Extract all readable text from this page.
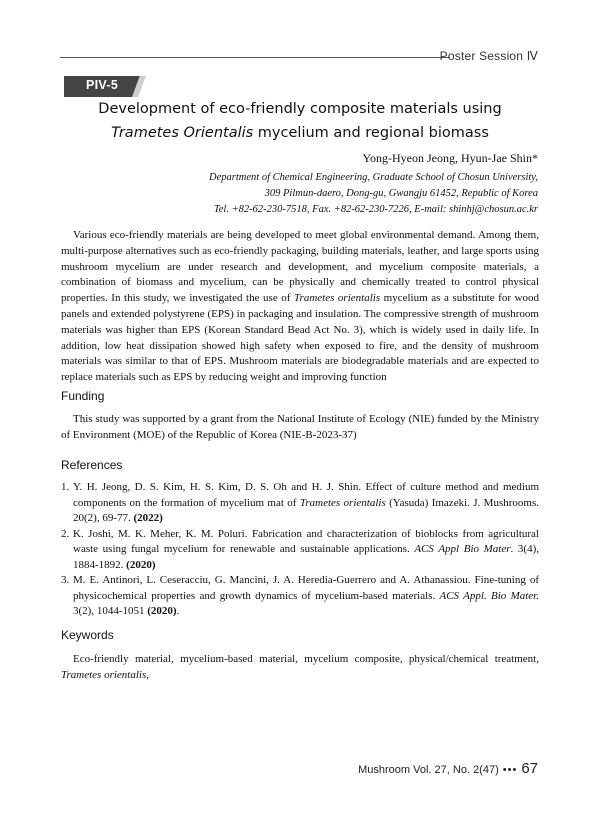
Poster Session Ⅳ
PIV-5
Development of eco-friendly composite materials using
Trametes Orientalis mycelium and regional biomass
Yong-Hyeon Jeong, Hyun-Jae Shin*
Department of Chemical Engineering, Graduate School of Chosun University,
309 Pilmun-daero, Dong-gu, Gwangju 61452, Republic of Korea
Tel. +82-62-230-7518, Fax. +82-62-230-7226, E-mail: shinhj@chosun.ac.kr
Various eco-friendly materials are being developed to meet global environmental demand. Among them, multi-purpose alternatives such as eco-friendly packaging, building materials, leather, and large sports using mushroom mycelium are under research and development, and mycelium composite materials, a combination of biomass and mycelium, can be physically and chemically treated to control physical properties. In this study, we investigated the use of Trametes orientalis mycelium as a substitute for wood panels and extended polystyrene (EPS) in packaging and insulation. The compressive strength of mushroom materials was higher than EPS (Korean Standard Bead Act No. 3), which is widely used in daily life. In addition, low heat dissipation showed high safety when exposed to fire, and the density of mushroom materials was similar to that of EPS. Mushroom materials are biodegradable materials and are expected to replace materials such as EPS by reducing weight and improving function
Funding
This study was supported by a grant from the National Institute of Ecology (NIE) funded by the Ministry of Environment (MOE) of the Republic of Korea (NIE-B-2023-37)
References
1. Y. H. Jeong, D. S. Kim, H. S. Kim, D. S. Oh and H. J. Shin. Effect of culture method and medium components on the formation of mycelium mat of Trametes orientalis (Yasuda) Imazeki. J. Mushrooms. 20(2), 69-77. (2022)
2. K. Joshi, M. K. Meher, K. M. Poluri. Fabrication and characterization of bioblocks from agricultural waste using fungal mycelium for renewable and sustainable applications. ACS Appl Bio Mater. 3(4), 1884-1892. (2020)
3. M. E. Antinori, L. Ceseracciu, G. Mancini, J. A. Heredia-Guerrero and A. Athanassiou. Fine-tuning of physicochemical properties and growth dynamics of mycelium-based materials. ACS Appl. Bio Mater. 3(2), 1044-1051 (2020).
Keywords
Eco-friendly material, mycelium-based material, mycelium composite, physical/chemical treatment, Trametes orientalis,
Mushroom Vol. 27, No. 2(47) ••• 67
